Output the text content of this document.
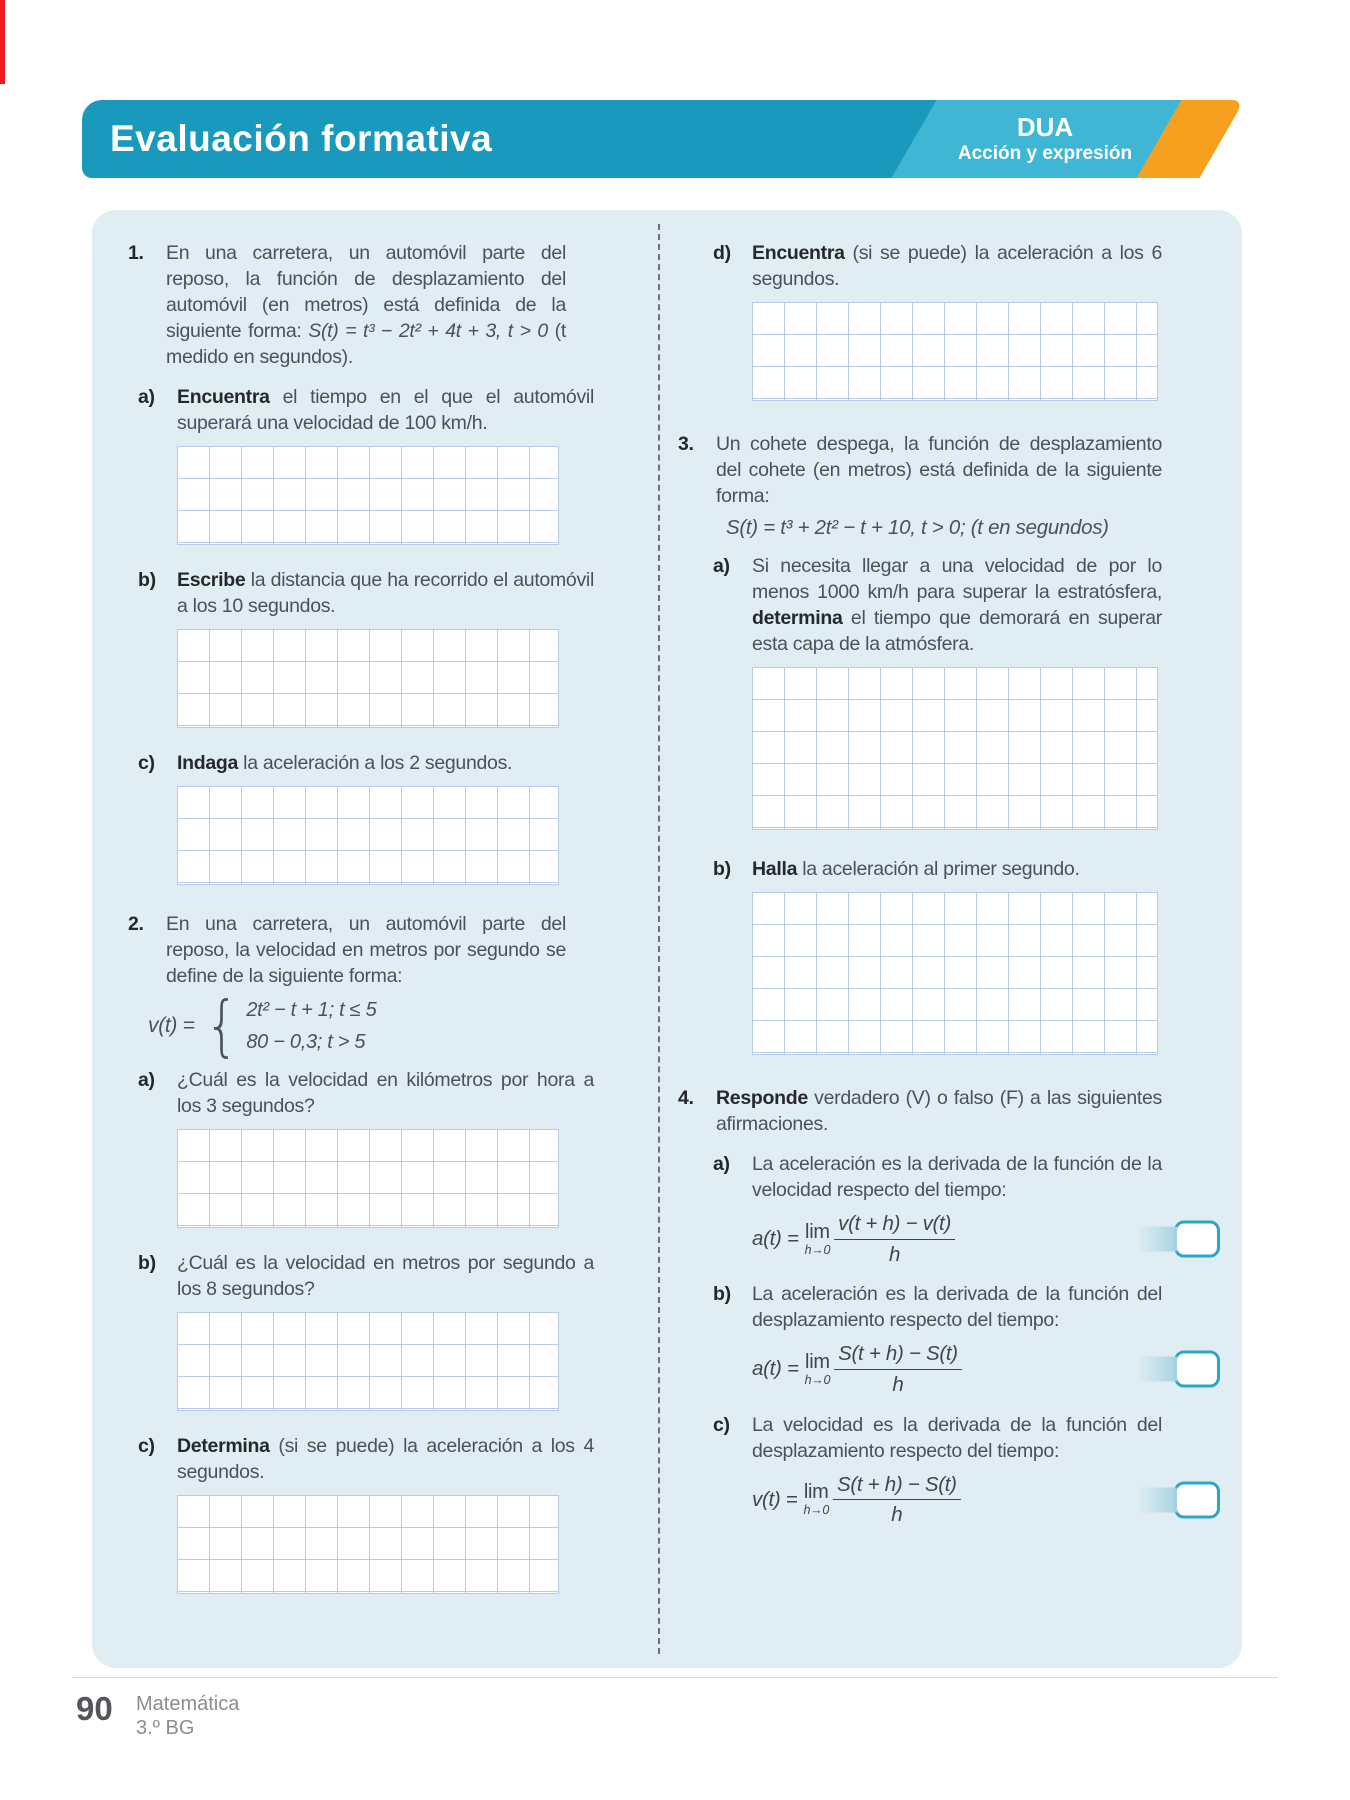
Evaluación formativa	DUA
Acción y expresión
1. En una carretera, un automóvil parte del reposo, la función de desplazamiento del automóvil (en metros) está definida de la siguiente forma: S(t) = t³ − 2t² + 4t + 3, t > 0 (t medido en segundos).
a) Encuentra el tiempo en el que el automóvil superará una velocidad de 100 km/h.
b) Escribe la distancia que ha recorrido el automóvil a los 10 segundos.
c) Indaga la aceleración a los 2 segundos.
2. En una carretera, un automóvil parte del reposo, la velocidad en metros por segundo se define de la siguiente forma:
v(t) = { 2t² − t + 1; t ≤ 5
80 − 0,3; t > 5
a) ¿Cuál es la velocidad en kilómetros por hora a los 3 segundos?
b) ¿Cuál es la velocidad en metros por segundo a los 8 segundos?
c) Determina (si se puede) la aceleración a los 4 segundos.
d) Encuentra (si se puede) la aceleración a los 6 segundos.
3. Un cohete despega, la función de desplazamiento del cohete (en metros) está definida de la siguiente forma:
S(t) = t³ + 2t² − t + 10, t > 0; (t en segundos)
a) Si necesita llegar a una velocidad de por lo menos 1000 km/h para superar la estratósfera, determina el tiempo que demorará en superar esta capa de la atmósfera.
b) Halla la aceleración al primer segundo.
4. Responde verdadero (V) o falso (F) a las siguientes afirmaciones.
a) La aceleración es la derivada de la función de la velocidad respecto del tiempo:
a(t) = lim
$h\to 0 \frac{v(t + h) - v(t)}{h}$
b) La aceleración es la derivada de la función del desplazamiento respecto del tiempo:
a(t) = lim
$h\to 0 \frac{S(t + h) - S(t)}{h}$
c) La velocidad es la derivada de la función del desplazamiento respecto del tiempo:
v(t) = lim
$h\to 0 \frac{S(t + h) - S(t)}{h}$
90 Matemática
3.º BG
